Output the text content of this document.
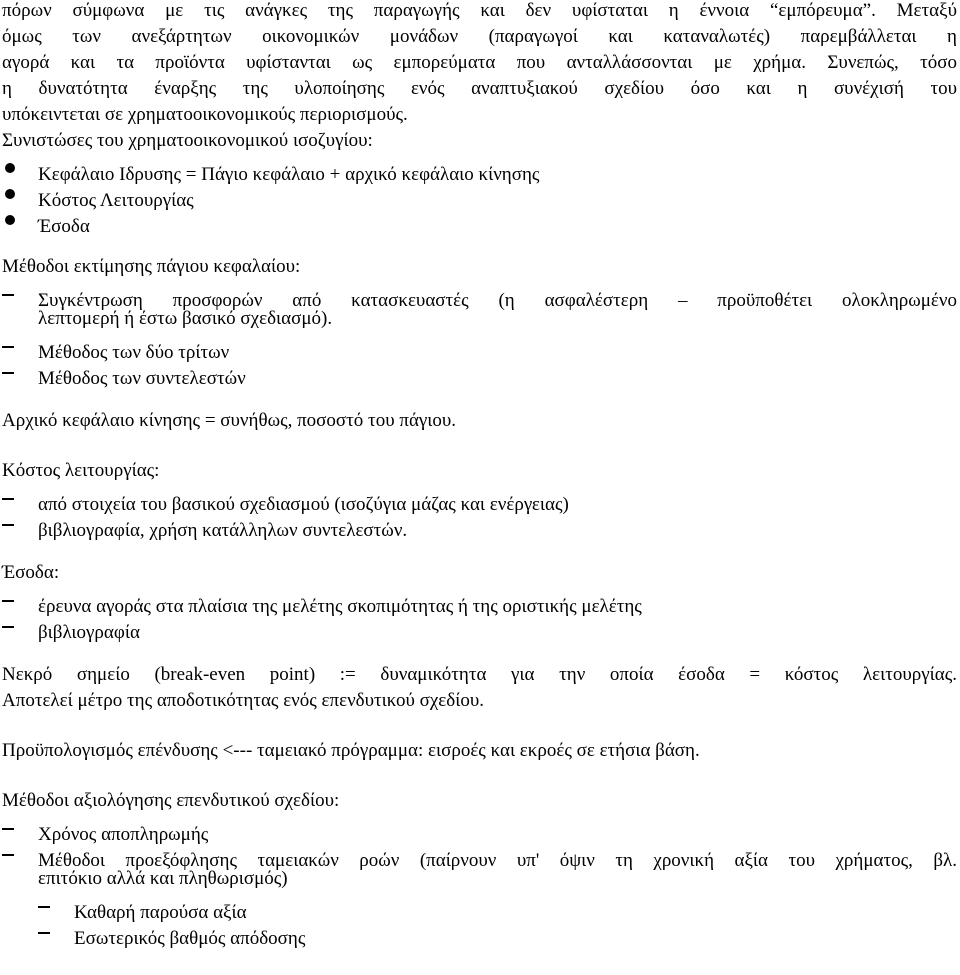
πόρων σύμφωνα με τις ανάγκες της παραγωγής και δεν υφίσταται η έννοια “εμπόρευμα”. Μεταξύ
όμως των ανεξάρτητων οικονομικών μονάδων (παραγωγοί και καταναλωτές) παρεμβάλλεται η
αγορά και τα προϊόντα υφίστανται ως εμπορεύματα που ανταλλάσσονται με χρήμα. Συνεπώς, τόσο
η δυνατότητα έναρξης της υλοποίησης ενός αναπτυξιακού σχεδίου όσο και η συνέχισή του
υπόκειντεται σε χρηματοοικονομικούς περιορισμούς.
Συνιστώσες του χρηματοοικονομικού ισοζυγίου:
Κεφάλαιο Ιδρυσης = Πάγιο κεφάλαιο + αρχικό κεφάλαιο κίνησης
Κόστος Λειτουργίας
Έσοδα
Μέθοδοι εκτίμησης πάγιου κεφαλαίου:
Συγκέντρωση προσφορών από κατασκευαστές (η ασφαλέστερη – προϋποθέτει ολοκληρωμένο
λεπτομερή ή έστω βασικό σχεδιασμό).
Μέθοδος των δύο τρίτων
Μέθοδος των συντελεστών
Αρχικό κεφάλαιο κίνησης = συνήθως, ποσοστό του πάγιου.
Κόστος λειτουργίας:
από στοιχεία του βασικού σχεδιασμού (ισοζύγια μάζας και ενέργειας)
βιβλιογραφία, χρήση κατάλληλων συντελεστών.
Έσοδα:
έρευνα αγοράς στα πλαίσια της μελέτης σκοπιμότητας ή της οριστικής μελέτης
βιβλιογραφία
Νεκρό σημείο (break-even point) := δυναμικότητα για την οποία έσοδα = κόστος λειτουργίας.
Αποτελεί μέτρο της αποδοτικότητας ενός επενδυτικού σχεδίου.
Προϋπολογισμός επένδυσης <--- ταμειακό πρόγραμμα: εισροές και εκροές σε ετήσια βάση.
Μέθοδοι αξιολόγησης επενδυτικού σχεδίου:
Χρόνος αποπληρωμής
Μέθοδοι προεξόφλησης ταμειακών ροών (παίρνουν υπ' όψιν τη χρονική αξία του χρήματος, βλ.
επιτόκιο αλλά και πληθωρισμός)
Καθαρή παρούσα αξία
Εσωτερικός βαθμός απόδοσης
